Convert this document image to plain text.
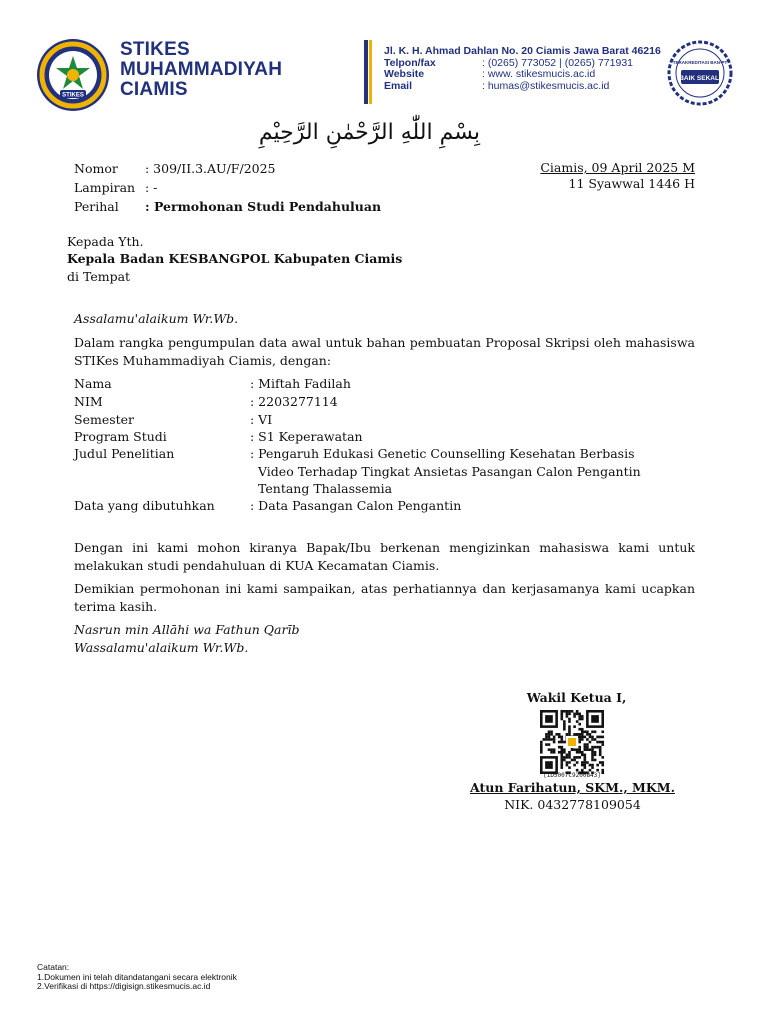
STIKES
STIKES
MUHAMMADIYAH
CIAMIS
Jl. K. H. Ahmad Dahlan No. 20 Ciamis Jawa Barat 46216
Telpon/fax	: (0265) 773052 | (0265) 771931
Website	: www. stikesmucis.ac.id
Email	: humas@stikesmucis.ac.id
TERAKREDITASI BAN-PT
BAIK SEKALI
بِسْمِ اللّٰهِ الرَّحْمٰنِ الرَّحِيْمِ
Nomor	: 309/II.3.AU/F/2025
Lampiran : -
Perihal	: Permohonan Studi Pendahuluan
Ciamis, 09 April 2025 M
11 Syawwal 1446 H
Kepada Yth.
Kepala Badan KESBANGPOL Kabupaten Ciamis
di Tempat
Assalamu'alaikum Wr.Wb.
Dalam rangka pengumpulan data awal untuk bahan pembuatan Proposal Skripsi oleh mahasiswa STIKes Muhammadiyah Ciamis, dengan:
Nama	: Miftah Fadilah
NIM	: 2203277114
Semester	: VI
Program Studi	: S1 Keperawatan
Judul Penelitian	: Pengaruh Edukasi Genetic Counselling Kesehatan Berbasis Video Terhadap Tingkat Ansietas Pasangan Calon Pengantin Tentang Thalassemia
Data yang dibutuhkan	: Data Pasangan Calon Pengantin
Dengan ini kami mohon kiranya Bapak/Ibu berkenan mengizinkan mahasiswa kami untuk melakukan studi pendahuluan di KUA Kecamatan Ciamis.
Demikian permohonan ini kami sampaikan, atas perhatiannya dan kerjasamanya kami ucapkan terima kasih.
Nasrun min Allāhi wa Fathun Qarīb
Wassalamu'alaikum Wr.Wb.
Wakil Ketua I,
[1D5007C9200843]
Atun Farihatun, SKM., MKM.
NIK. 0432778109054
Catatan:
1.Dokumen ini telah ditandatangani secara elektronik
2.Verifikasi di https://digisign.stikesmucis.ac.id
